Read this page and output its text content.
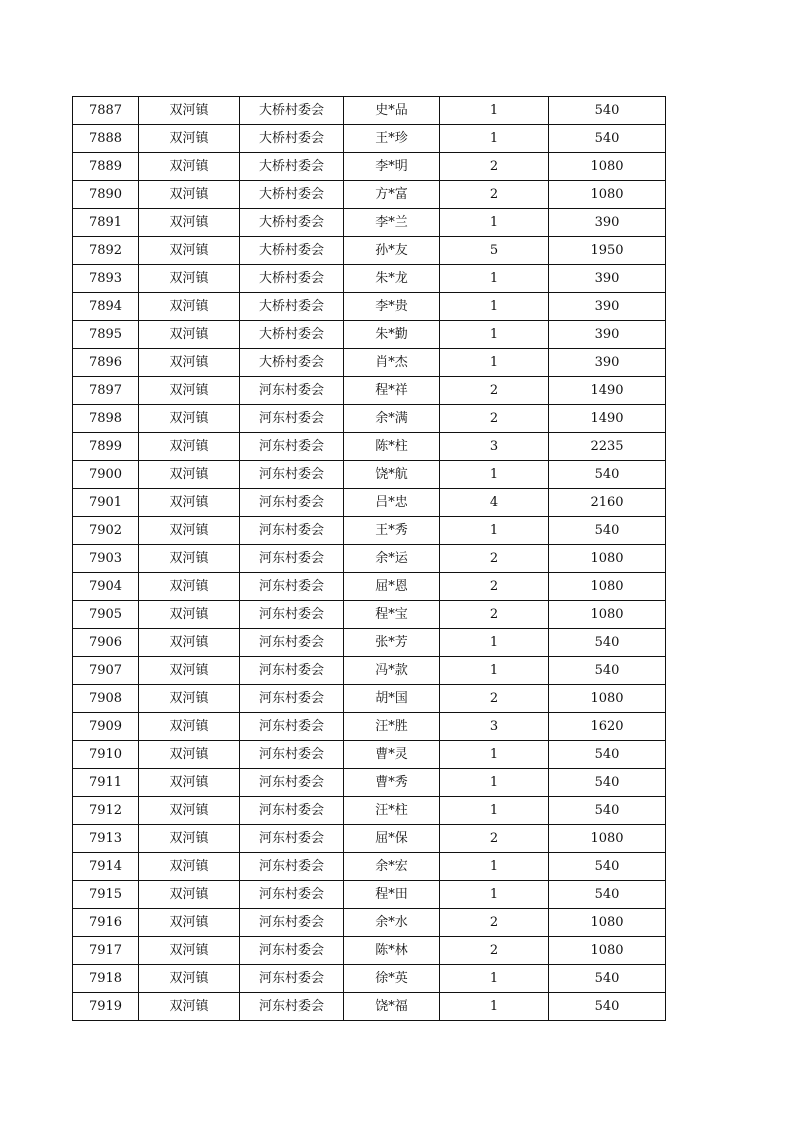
7887	双河镇	大桥村委会	史*品	1	540
7888	双河镇	大桥村委会	王*珍	1	540
7889	双河镇	大桥村委会	李*明	2	1080
7890	双河镇	大桥村委会	方*富	2	1080
7891	双河镇	大桥村委会	李*兰	1	390
7892	双河镇	大桥村委会	孙*友	5	1950
7893	双河镇	大桥村委会	朱*龙	1	390
7894	双河镇	大桥村委会	李*贵	1	390
7895	双河镇	大桥村委会	朱*勤	1	390
7896	双河镇	大桥村委会	肖*杰	1	390
7897	双河镇	河东村委会	程*祥	2	1490
7898	双河镇	河东村委会	余*满	2	1490
7899	双河镇	河东村委会	陈*柱	3	2235
7900	双河镇	河东村委会	饶*航	1	540
7901	双河镇	河东村委会	吕*忠	4	2160
7902	双河镇	河东村委会	王*秀	1	540
7903	双河镇	河东村委会	余*运	2	1080
7904	双河镇	河东村委会	屈*恩	2	1080
7905	双河镇	河东村委会	程*宝	2	1080
7906	双河镇	河东村委会	张*芳	1	540
7907	双河镇	河东村委会	冯*款	1	540
7908	双河镇	河东村委会	胡*国	2	1080
7909	双河镇	河东村委会	汪*胜	3	1620
7910	双河镇	河东村委会	曹*灵	1	540
7911	双河镇	河东村委会	曹*秀	1	540
7912	双河镇	河东村委会	汪*柱	1	540
7913	双河镇	河东村委会	屈*保	2	1080
7914	双河镇	河东村委会	余*宏	1	540
7915	双河镇	河东村委会	程*田	1	540
7916	双河镇	河东村委会	余*水	2	1080
7917	双河镇	河东村委会	陈*林	2	1080
7918	双河镇	河东村委会	徐*英	1	540
7919	双河镇	河东村委会	饶*福	1	540
